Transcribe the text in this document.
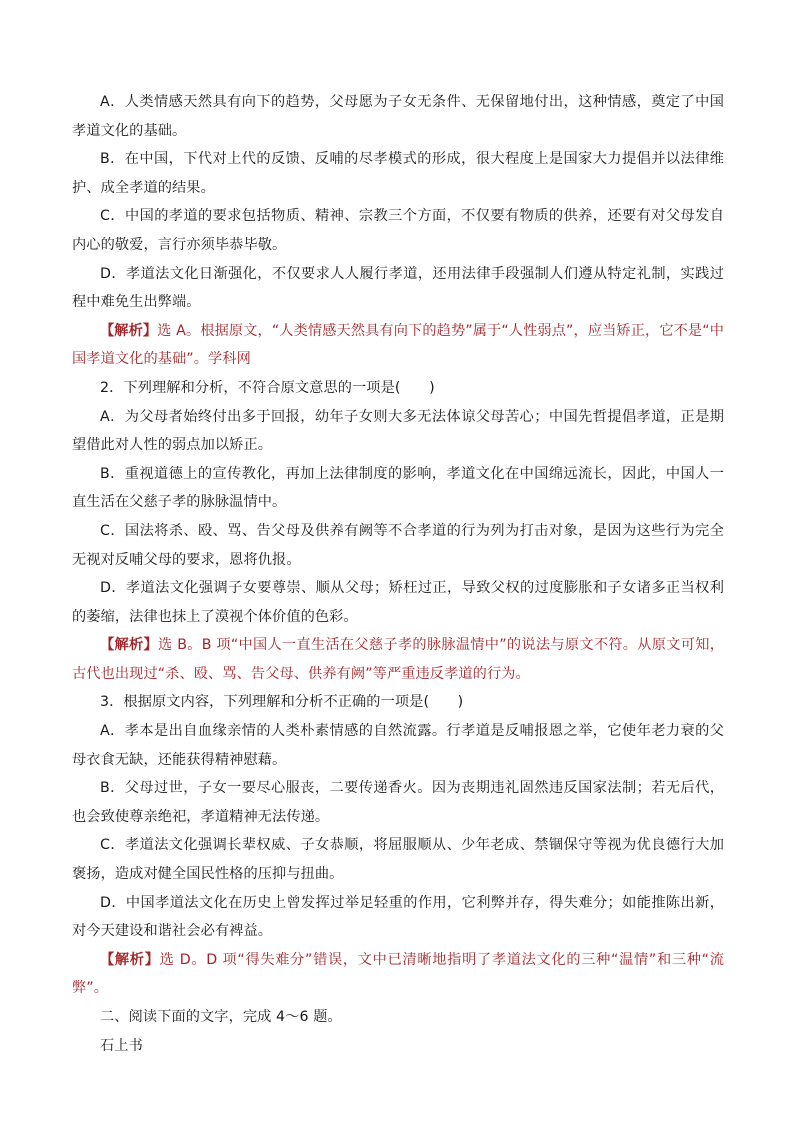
A．人类情感天然具有向下的趋势，父母愿为子女无条件、无保留地付出，这种情感，奠定了中国孝道文化的基础。

B．在中国，下代对上代的反馈、反哺的尽孝模式的形成，很大程度上是国家大力提倡并以法律维护、成全孝道的结果。

C．中国的孝道的要求包括物质、精神、宗教三个方面，不仅要有物质的供养，还要有对父母发自内心的敬爱，言行亦须毕恭毕敬。

D．孝道法文化日渐强化，不仅要求人人履行孝道，还用法律手段强制人们遵从特定礼制，实践过程中难免生出弊端。

【解析】选 A。根据原文，“人类情感天然具有向下的趋势”属于“人性弱点”，应当矫正，它不是“中国孝道文化的基础”。学科网

2．下列理解和分析，不符合原文意思的一项是(　　)

A．为父母者始终付出多于回报，幼年子女则大多无法体谅父母苦心；中国先哲提倡孝道，正是期望借此对人性的弱点加以矫正。

B．重视道德上的宣传教化，再加上法律制度的影响，孝道文化在中国绵远流长，因此，中国人一直生活在父慈子孝的脉脉温情中。

C．国法将杀、殴、骂、告父母及供养有阙等不合孝道的行为列为打击对象，是因为这些行为完全无视对反哺父母的要求，恩将仇报。

D．孝道法文化强调子女要尊崇、顺从父母；矫枉过正，导致父权的过度膨胀和子女诸多正当权利的萎缩，法律也抹上了漠视个体价值的色彩。

【解析】选 B。B 项“中国人一直生活在父慈子孝的脉脉温情中”的说法与原文不符。从原文可知，古代也出现过“杀、殴、骂、告父母、供养有阙”等严重违反孝道的行为。

3．根据原文内容，下列理解和分析不正确的一项是(　　)

A．孝本是出自血缘亲情的人类朴素情感的自然流露。行孝道是反哺报恩之举，它使年老力衰的父母衣食无缺，还能获得精神慰藉。

B．父母过世，子女一要尽心服丧，二要传递香火。因为丧期违礼固然违反国家法制；若无后代，也会致使尊亲绝祀，孝道精神无法传递。

C．孝道法文化强调长辈权威、子女恭顺，将屈服顺从、少年老成、禁锢保守等视为优良德行大加褒扬，造成对健全国民性格的压抑与扭曲。

D．中国孝道法文化在历史上曾发挥过举足轻重的作用，它利弊并存，得失难分；如能推陈出新，对今天建设和谐社会必有裨益。

【解析】选 D。D 项“得失难分”错误，文中已清晰地指明了孝道法文化的三种“温情”和三种“流弊”。

二、阅读下面的文字，完成 4～6 题。

石上书
